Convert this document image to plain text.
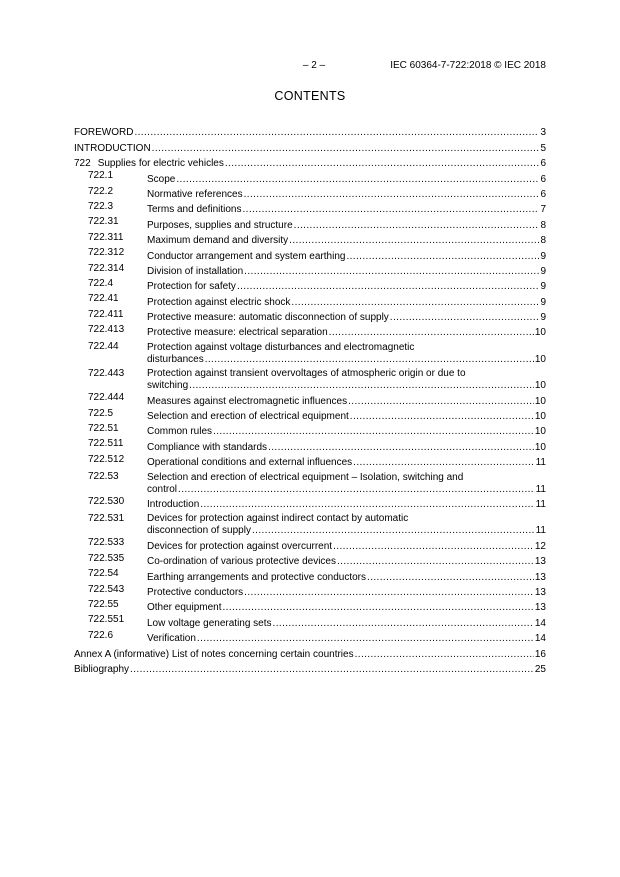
– 2 –	IEC 60364-7-722:2018 © IEC 2018
CONTENTS
FOREWORD .....	3
INTRODUCTION .....	5
722 Supplies for electric vehicles .....	6
722.1	Scope .....	6
722.2	Normative references .....	6
722.3	Terms and definitions .....	7
722.31	Purposes, supplies and structure .....	8
722.311	Maximum demand and diversity .....	8
722.312	Conductor arrangement and system earthing .....	9
722.314	Division of installation .....	9
722.4	Protection for safety .....	9
722.41	Protection against electric shock .....	9
722.411	Protective measure: automatic disconnection of supply .....	9
722.413	Protective measure: electrical separation .....	10
722.44	Protection against voltage disturbances and electromagnetic
disturbances .....	10
722.443	Protection against transient overvoltages of atmospheric origin or due to
switching .....	10
722.444	Measures against electromagnetic influences .....	10
722.5	Selection and erection of electrical equipment .....	10
722.51	Common rules .....	10
722.511	Compliance with standards .....	10
722.512	Operational conditions and external influences .....	11
722.53	Selection and erection of electrical equipment – Isolation, switching and
control .....	11
722.530	Introduction .....	11
722.531	Devices for protection against indirect contact by automatic
disconnection of supply .....	11
722.533	Devices for protection against overcurrent .....	12
722.535	Co-ordination of various protective devices .....	13
722.54	Earthing arrangements and protective conductors .....	13
722.543	Protective conductors .....	13
722.55	Other equipment .....	13
722.551	Low voltage generating sets .....	14
722.6	Verification .....	14
Annex A (informative) List of notes concerning certain countries .....	16
Bibliography .....	25
